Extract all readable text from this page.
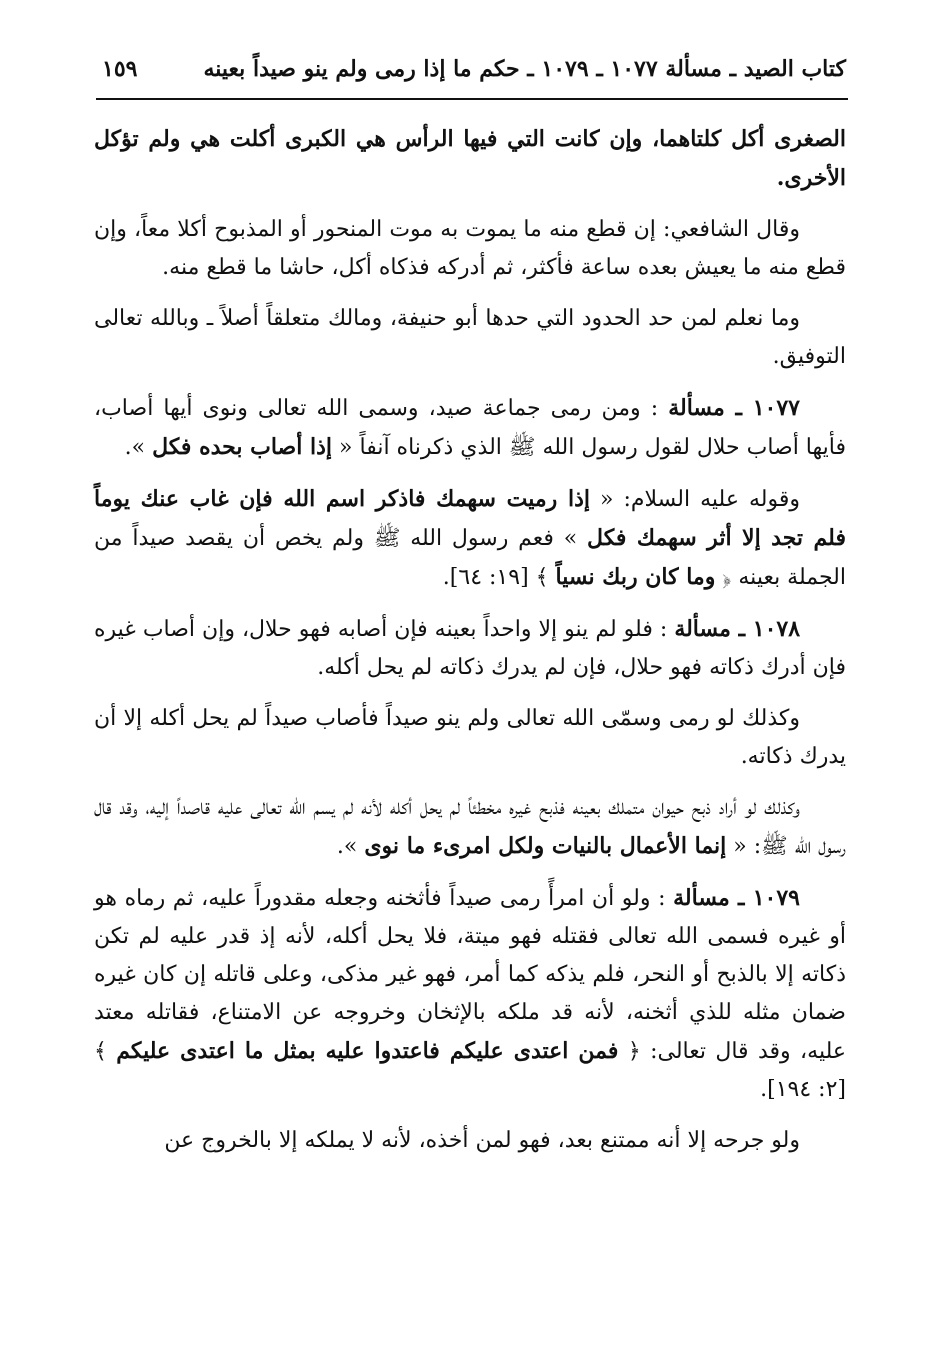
كتاب الصيد ـ مسألة ١٠٧٧ ـ ١٠٧٩ ـ حكم ما إذا رمى ولم ينو صيداً بعينه
١٥٩

الصغرى أكل كلتاهما، وإن كانت التي فيها الرأس هي الكبرى أكلت هي ولم تؤكل الأخرى.

وقال الشافعي: إن قطع منه ما يموت به موت المنحور أو المذبوح أكلا معاً، وإن قطع منه ما يعيش بعده ساعة فأكثر، ثم أدركه فذكاه أكل، حاشا ما قطع منه.

وما نعلم لمن حد الحدود التي حدها أبو حنيفة، ومالك متعلقاً أصلاً ـ وبالله تعالى التوفيق.

١٠٧٧ ـ مسألة : ومن رمى جماعة صيد، وسمى الله تعالى ونوى أيها أصاب، فأيها أصاب حلال لقول رسول الله ﷺ الذي ذكرناه آنفاً « إذا أصاب بحده فكل ».

وقوله عليه السلام: « إذا رميت سهمك فاذكر اسم الله فإن غاب عنك يوماً فلم تجد إلا أثر سهمك فكل » فعم رسول الله ﷺ ولم يخص أن يقصد صيداً من الجملة بعينه ﴿ وما كان ربك نسياً ﴾ [١٩: ٦٤].

١٠٧٨ ـ مسألة : فلو لم ينو إلا واحداً بعينه فإن أصابه فهو حلال، وإن أصاب غيره فإن أدرك ذكاته فهو حلال، فإن لم يدرك ذكاته لم يحل أكله.

وكذلك لو رمى وسمّى الله تعالى ولم ينو صيداً فأصاب صيداً لم يحل أكله إلا أن يدرك ذكاته.

وكذلك لو أراد ذبح حيوان متملك بعينه فذبح غيره مخطئاً لم يحل أكله لأنه لم يسم الله تعالى عليه قاصداً إليه، وقد قال رسول الله ﷺ: « إنما الأعمال بالنيات ولكل امرىء ما نوى ».

١٠٧٩ ـ مسألة : ولو أن امرأً رمى صيداً فأثخنه وجعله مقدوراً عليه، ثم رماه هو أو غيره فسمى الله تعالى فقتله فهو ميتة، فلا يحل أكله، لأنه إذ قدر عليه لم تكن ذكاته إلا بالذبح أو النحر، فلم يذكه كما أمر، فهو غير مذكى، وعلى قاتله إن كان غيره ضمان مثله للذي أثخنه، لأنه قد ملكه بالإثخان وخروجه عن الامتناع، فقاتله معتد عليه، وقد قال تعالى: ﴿ فمن اعتدى عليكم فاعتدوا عليه بمثل ما اعتدى عليكم ﴾ [٢: ١٩٤].

ولو جرحه إلا أنه ممتنع بعد، فهو لمن أخذه، لأنه لا يملكه إلا بالخروج عن
